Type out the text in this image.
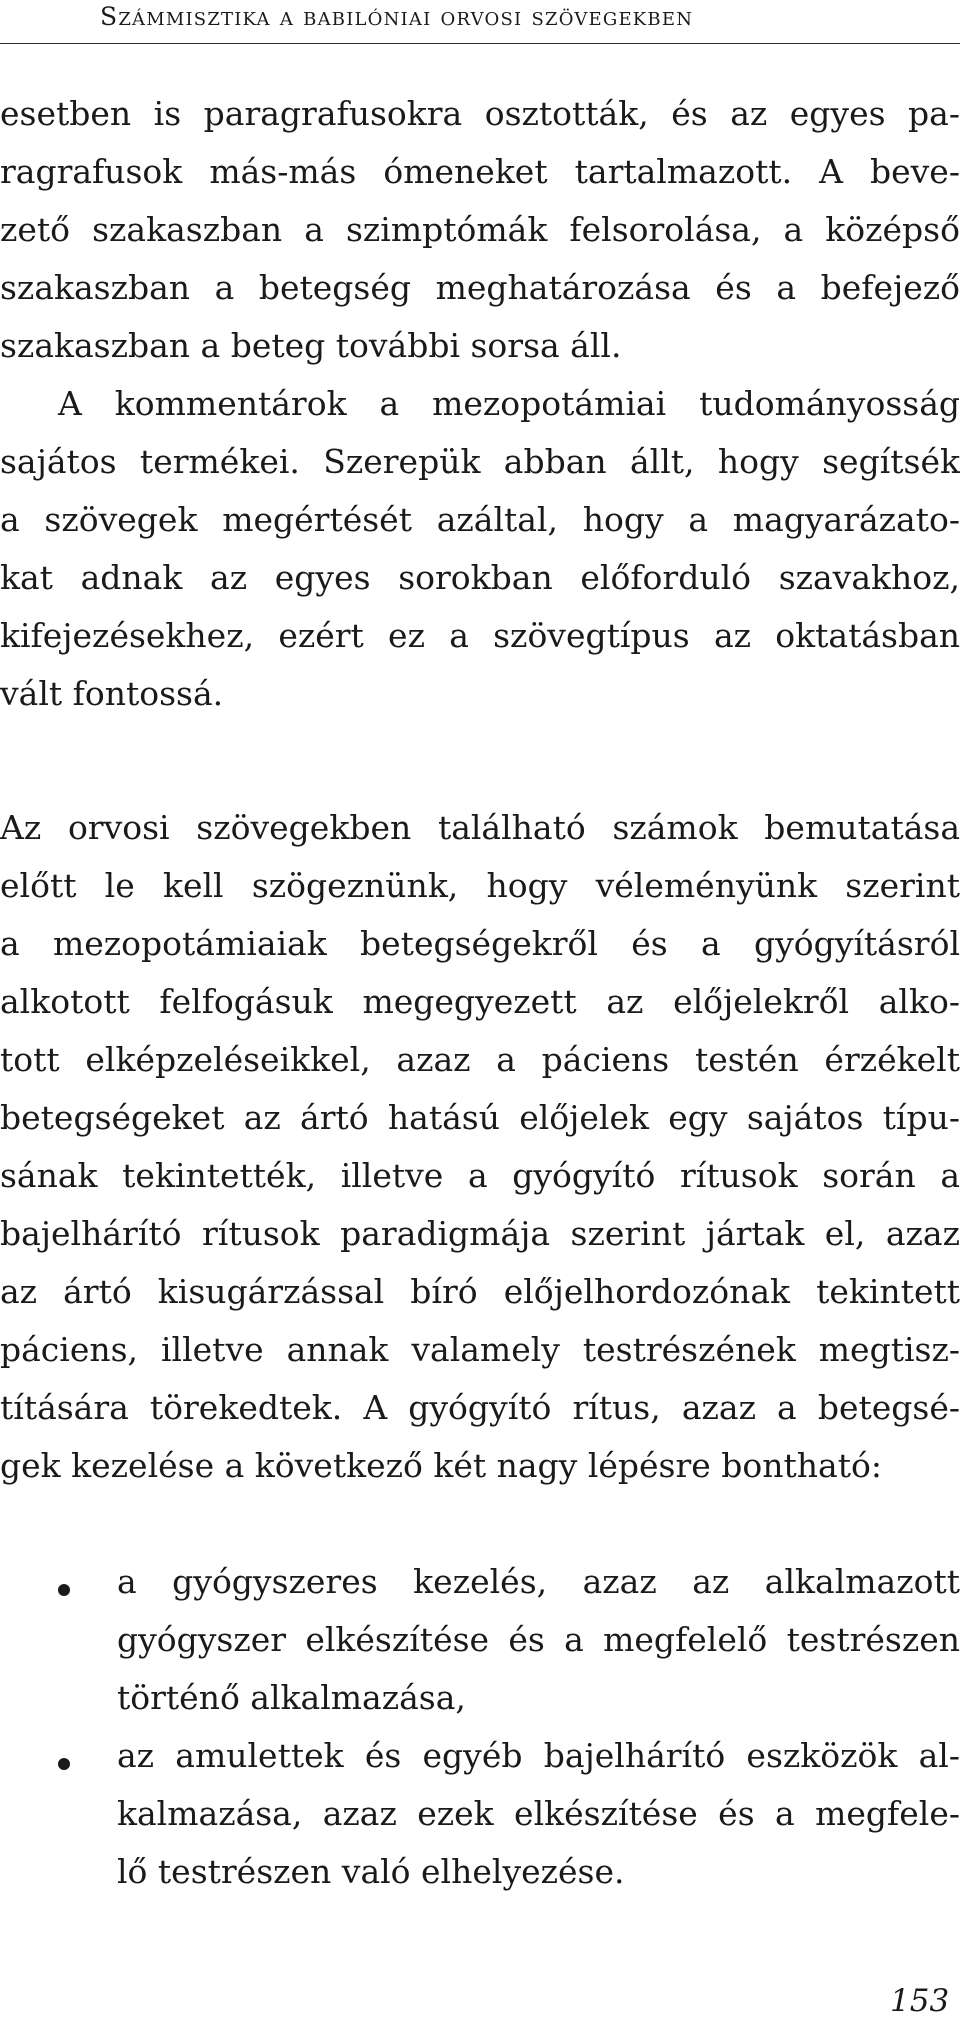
Számmisztika a babilóniai orvosi szövegekben
esetben is paragrafusokra osztották, és az egyes pa-
ragrafusok más-más ómeneket tartalmazott. A beve-
zető szakaszban a szimptómák felsorolása, a középső
szakaszban a betegség meghatározása és a befejező
szakaszban a beteg további sorsa áll.
A kommentárok a mezopotámiai tudományosság
sajátos termékei. Szerepük abban állt, hogy segítsék
a szövegek megértését azáltal, hogy a magyarázato-
kat adnak az egyes sorokban előforduló szavakhoz,
kifejezésekhez, ezért ez a szövegtípus az oktatásban
vált fontossá.
Az orvosi szövegekben található számok bemutatása
előtt le kell szögeznünk, hogy véleményünk szerint
a mezopotámiaiak betegségekről és a gyógyításról
alkotott felfogásuk megegyezett az előjelekről alko-
tott elképzeléseikkel, azaz a páciens testén érzékelt
betegségeket az ártó hatású előjelek egy sajátos típu-
sának tekintették, illetve a gyógyító rítusok során a
bajelhárító rítusok paradigmája szerint jártak el, azaz
az ártó kisugárzással bíró előjelhordozónak tekintett
páciens, illetve annak valamely testrészének megtisz-
títására törekedtek. A gyógyító rítus, azaz a betegsé-
gek kezelése a következő két nagy lépésre bontható:
a gyógyszeres kezelés, azaz az alkalmazott
gyógyszer elkészítése és a megfelelő testrészen
történő alkalmazása,
az amulettek és egyéb bajelhárító eszközök al-
kalmazása, azaz ezek elkészítése és a megfele-
lő testrészen való elhelyezése.
153
